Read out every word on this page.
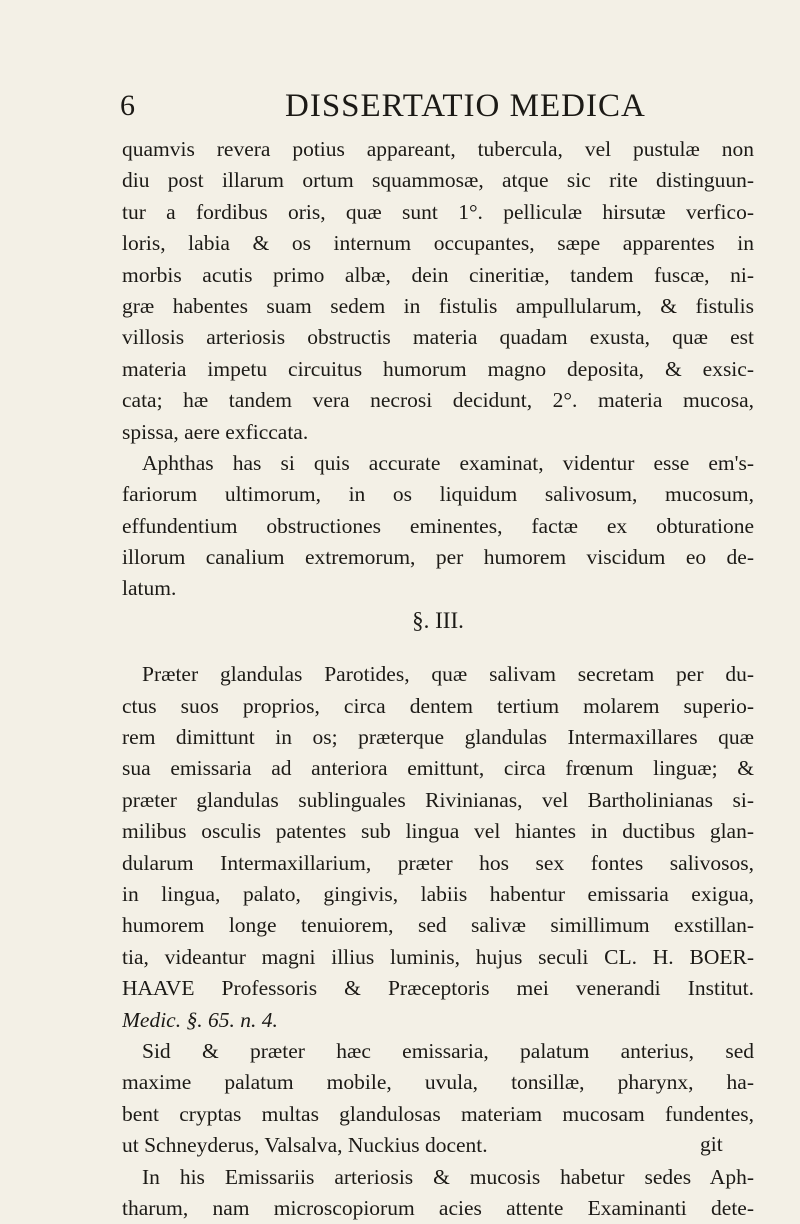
6	DISSERTATIO MEDICA
quamvis revera potius appareant, tubercula, vel pustulæ non
diu post illarum ortum squammosæ, atque sic rite distinguun-
tur a fordibus oris, quæ sunt 1°. pelliculæ hirsutæ verfico-
loris, labia & os internum occupantes, sæpe apparentes in
morbis acutis primo albæ, dein cineritiæ, tandem fuscæ, ni-
græ habentes suam sedem in fistulis ampullularum, & fistulis
villosis arteriosis obstructis materia quadam exusta, quæ est
materia impetu circuitus humorum magno deposita, & exsic-
cata; hæ tandem vera necrosi decidunt, 2°. materia mucosa,
spissa, aere exficcata.
Aphthas has si quis accurate examinat, videntur esse em's-
fariorum ultimorum, in os liquidum salivosum, mucosum,
effundentium obstructiones eminentes, factæ ex obturatione
illorum canalium extremorum, per humorem viscidum eo de-
latum.
§. III.
Præter glandulas Parotides, quæ salivam secretam per du-
ctus suos proprios, circa dentem tertium molarem superio-
rem dimittunt in os; præterque glandulas Intermaxillares quæ
sua emissaria ad anteriora emittunt, circa frœnum linguæ; &
præter glandulas sublinguales Rivinianas, vel Bartholinianas si-
milibus osculis patentes sub lingua vel hiantes in ductibus glan-
dularum Intermaxillarium, præter hos sex fontes salivosos,
in lingua, palato, gingivis, labiis habentur emissaria exigua,
humorem longe tenuiorem, sed salivæ simillimum exstillan-
tia, videantur magni illius luminis, hujus seculi CL. H. BOER-
HAAVE Professoris & Præceptoris mei venerandi Institut.
Medic. §. 65. n. 4.
Sid & præter hæc emissaria, palatum anterius, sed
maxime palatum mobile, uvula, tonsillæ, pharynx, ha-
bent cryptas multas glandulosas materiam mucosam fundentes,
ut Schneyderus, Valsalva, Nuckius docent.
In his Emissariis arteriosis & mucosis habetur sedes Aph-
tharum, nam microscopiorum acies attente Examinanti dete-
git
